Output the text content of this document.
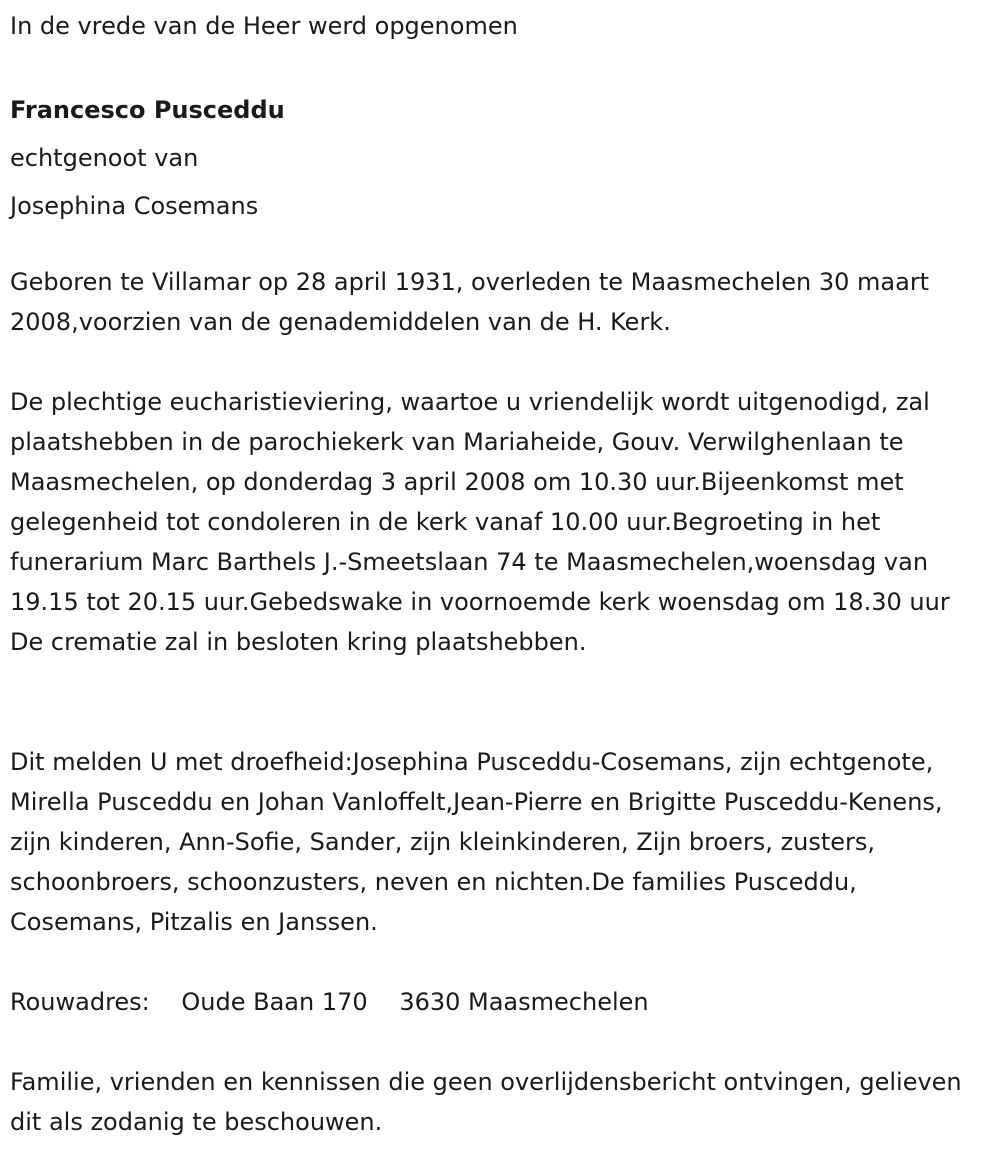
In de vrede van de Heer werd opgenomen

Francesco Pusceddu

echtgenoot van

Josephina Cosemans

Geboren te Villamar op 28 april 1931, overleden te Maasmechelen 30 maart 2008,voorzien van de genademiddelen van de H. Kerk.

De plechtige eucharistieviering, waartoe u vriendelijk wordt uitgenodigd, zal plaatshebben in de parochiekerk van Mariaheide, Gouv. Verwilghenlaan te Maasmechelen, op donderdag 3 april 2008 om 10.30 uur.Bijeenkomst met gelegenheid tot condoleren in de kerk vanaf 10.00 uur.Begroeting in het funerarium Marc Barthels J.-Smeetslaan 74 te Maasmechelen,woensdag van 19.15 tot 20.15 uur.Gebedswake in voornoemde kerk woensdag om 18.30 uur De crematie zal in besloten kring plaatshebben.

Dit melden U met droefheid:Josephina Pusceddu-Cosemans, zijn echtgenote, Mirella Pusceddu en Johan Vanloffelt,Jean-Pierre en Brigitte Pusceddu-Kenens, zijn kinderen, Ann-Sofie, Sander, zijn kleinkinderen, Zijn broers, zusters, schoonbroers, schoonzusters, neven en nichten.De families Pusceddu, Cosemans, Pitzalis en Janssen.

Rouwadres: Oude Baan 170 3630 Maasmechelen

Familie, vrienden en kennissen die geen overlijdensbericht ontvingen, gelieven dit als zodanig te beschouwen.
